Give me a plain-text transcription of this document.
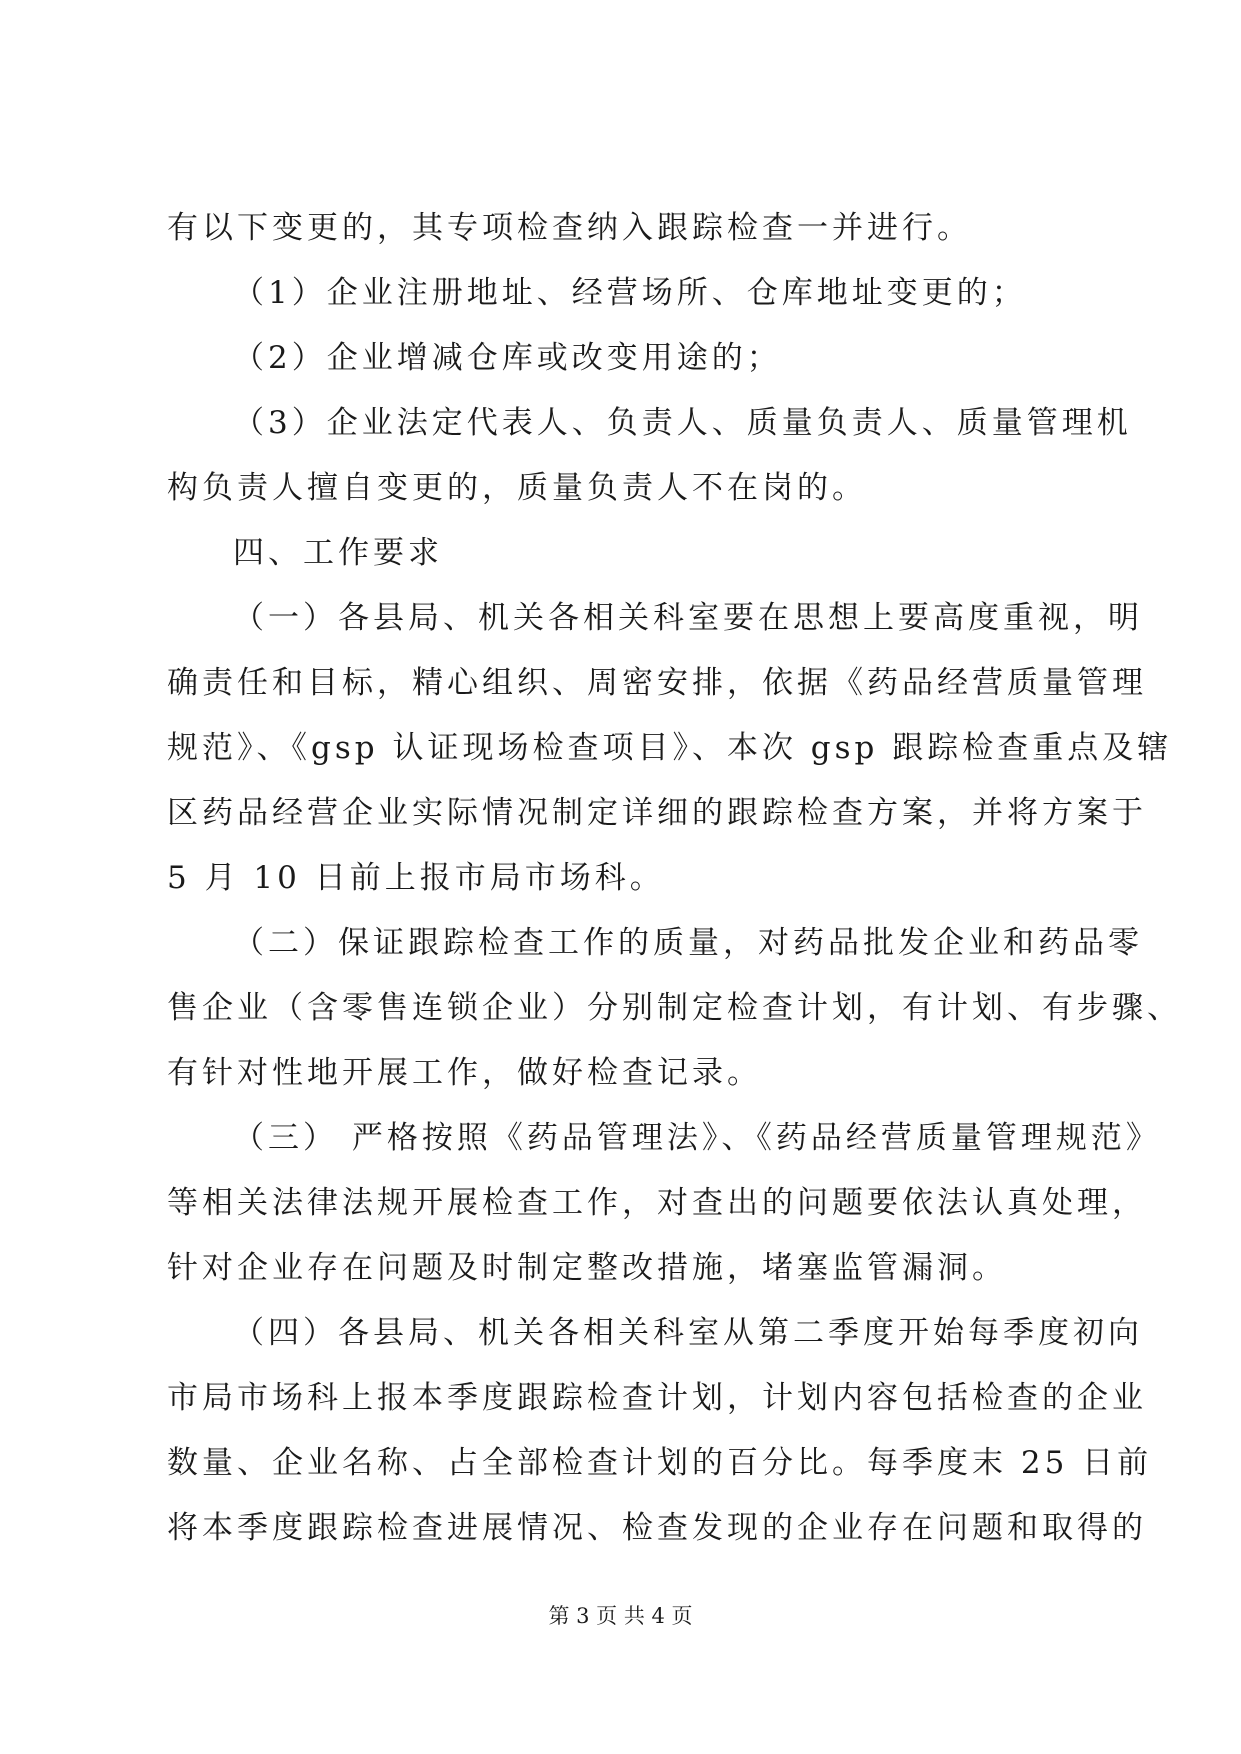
有以下变更的，其专项检查纳入跟踪检查一并进行。
（1）企业注册地址、经营场所、仓库地址变更的；
（2）企业增减仓库或改变用途的；
（3）企业法定代表人、负责人、质量负责人、质量管理机
构负责人擅自变更的，质量负责人不在岗的。
四、工作要求
（一）各县局、机关各相关科室要在思想上要高度重视，明
确责任和目标，精心组织、周密安排，依据《药品经营质量管理
规范》、《gsp 认证现场检查项目》、本次 gsp 跟踪检查重点及辖
区药品经营企业实际情况制定详细的跟踪检查方案，并将方案于
5 月 10 日前上报市局市场科。
（二）保证跟踪检查工作的质量，对药品批发企业和药品零
售企业（含零售连锁企业）分别制定检查计划，有计划、有步骤、
有针对性地开展工作，做好检查记录。
（三） 严格按照《药品管理法》、《药品经营质量管理规范》
等相关法律法规开展检查工作，对查出的问题要依法认真处理，
针对企业存在问题及时制定整改措施，堵塞监管漏洞。
（四）各县局、机关各相关科室从第二季度开始每季度初向
市局市场科上报本季度跟踪检查计划，计划内容包括检查的企业
数量、企业名称、占全部检查计划的百分比。每季度末 25 日前
将本季度跟踪检查进展情况、检查发现的企业存在问题和取得的
第 3 页 共 4 页
